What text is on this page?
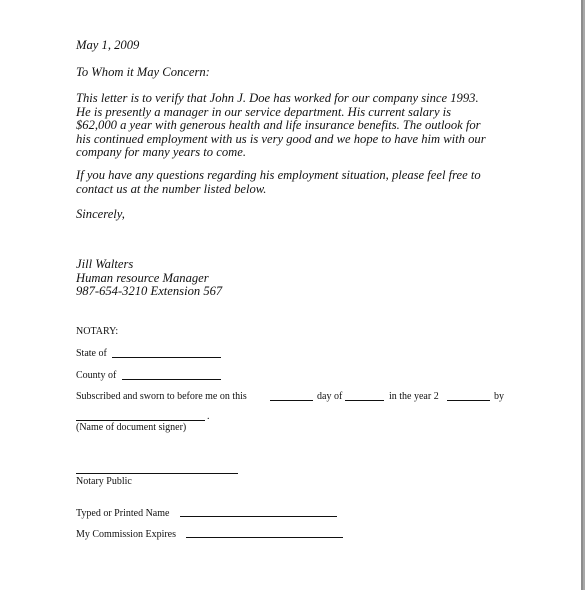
May 1, 2009
To Whom it May Concern:
This letter is to verify that John J. Doe has worked for our company since 1993.
He is presently a manager in our service department. His current salary is
$62,000 a year with generous health and life insurance benefits. The outlook for
his continued employment with us is very good and we hope to have him with our
company for many years to come.
If you have any questions regarding his employment situation, please feel free to
contact us at the number listed below.
Sincerely,
Jill Walters
Human resource Manager
987-654-3210 Extension 567
NOTARY:
State of
County of
Subscribed and sworn to before me on this	day of	in the year 2	by
.
(Name of document signer)
Notary Public
Typed or Printed Name
My Commission Expires
